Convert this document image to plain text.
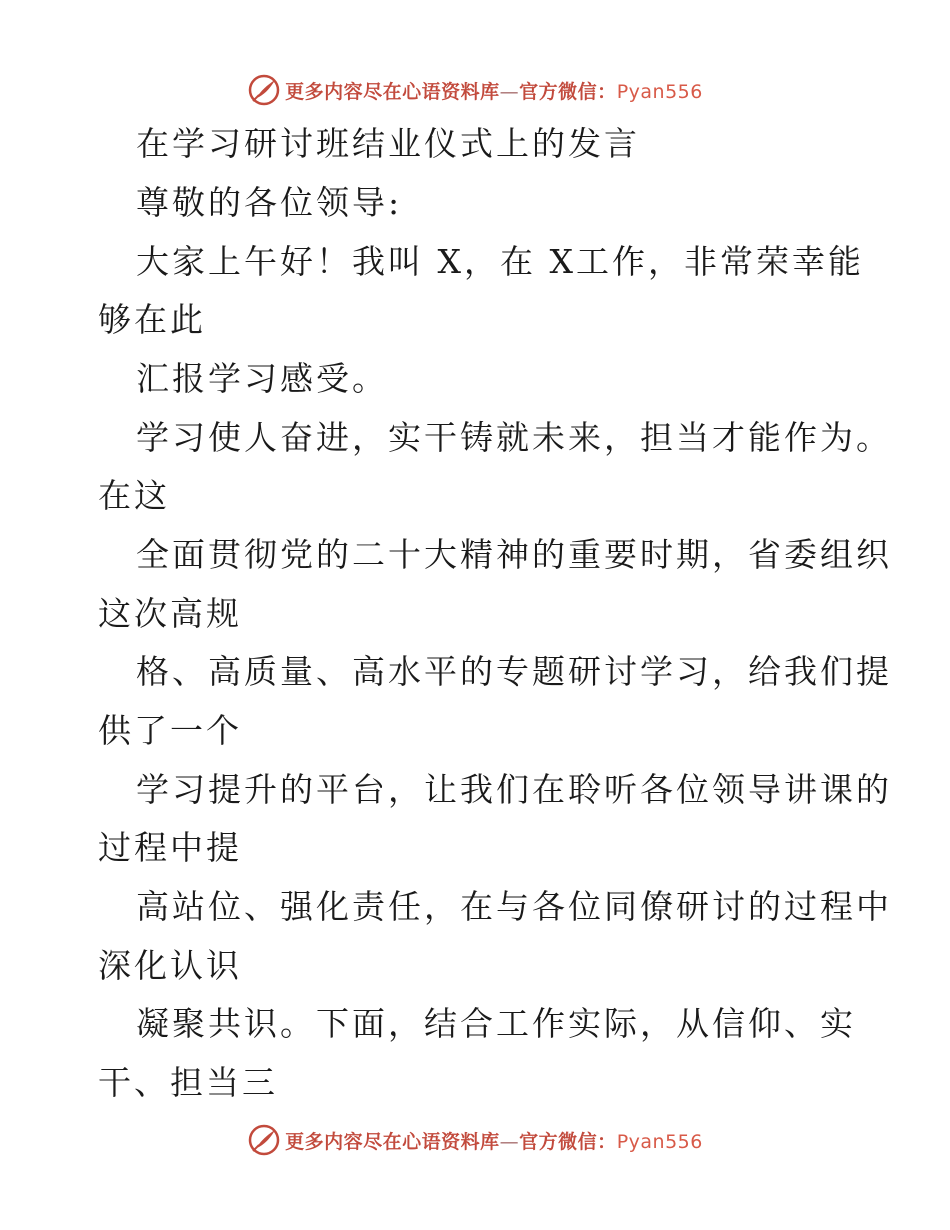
更多内容尽在心语资料库—官方微信：Pyan556
在学习研讨班结业仪式上的发言
尊敬的各位领导:
大家上午好！我叫 X，在 X工作，非常荣幸能
够在此
汇报学习感受。
学习使人奋进，实干铸就未来，担当才能作为。
在这
全面贯彻党的二十大精神的重要时期，省委组织
这次高规
格、高质量、高水平的专题研讨学习，给我们提
供了一个
学习提升的平台，让我们在聆听各位领导讲课的
过程中提
高站位、强化责任，在与各位同僚研讨的过程中
深化认识
凝聚共识。下面，结合工作实际，从信仰、实
干、担当三
更多内容尽在心语资料库—官方微信：Pyan556
